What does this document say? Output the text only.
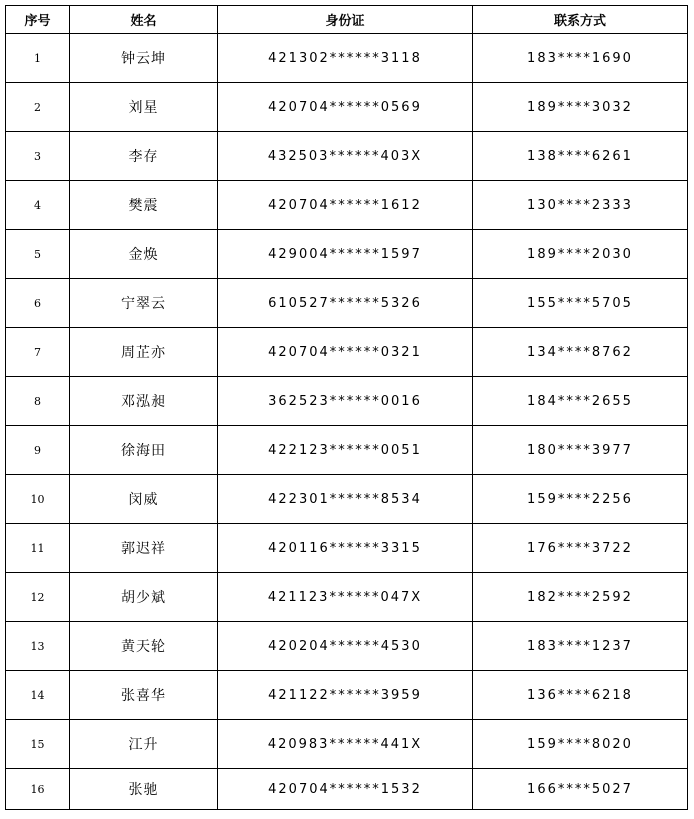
序号	姓名	身份证	联系方式
1	钟云坤	421302******3118	183****1690
2	刘星	420704******0569	189****3032
3	李存	432503******403X	138****6261
4	樊震	420704******1612	130****2333
5	金焕	429004******1597	189****2030
6	宁翠云	610527******5326	155****5705
7	周芷亦	420704******0321	134****8762
8	邓泓昶	362523******0016	184****2655
9	徐海田	422123******0051	180****3977
10	闵威	422301******8534	159****2256
11	郭迟祥	420116******3315	176****3722
12	胡少斌	421123******047X	182****2592
13	黄天轮	420204******4530	183****1237
14	张喜华	421122******3959	136****6218
15	江升	420983******441X	159****8020
16	张驰	420704******1532	166****5027
